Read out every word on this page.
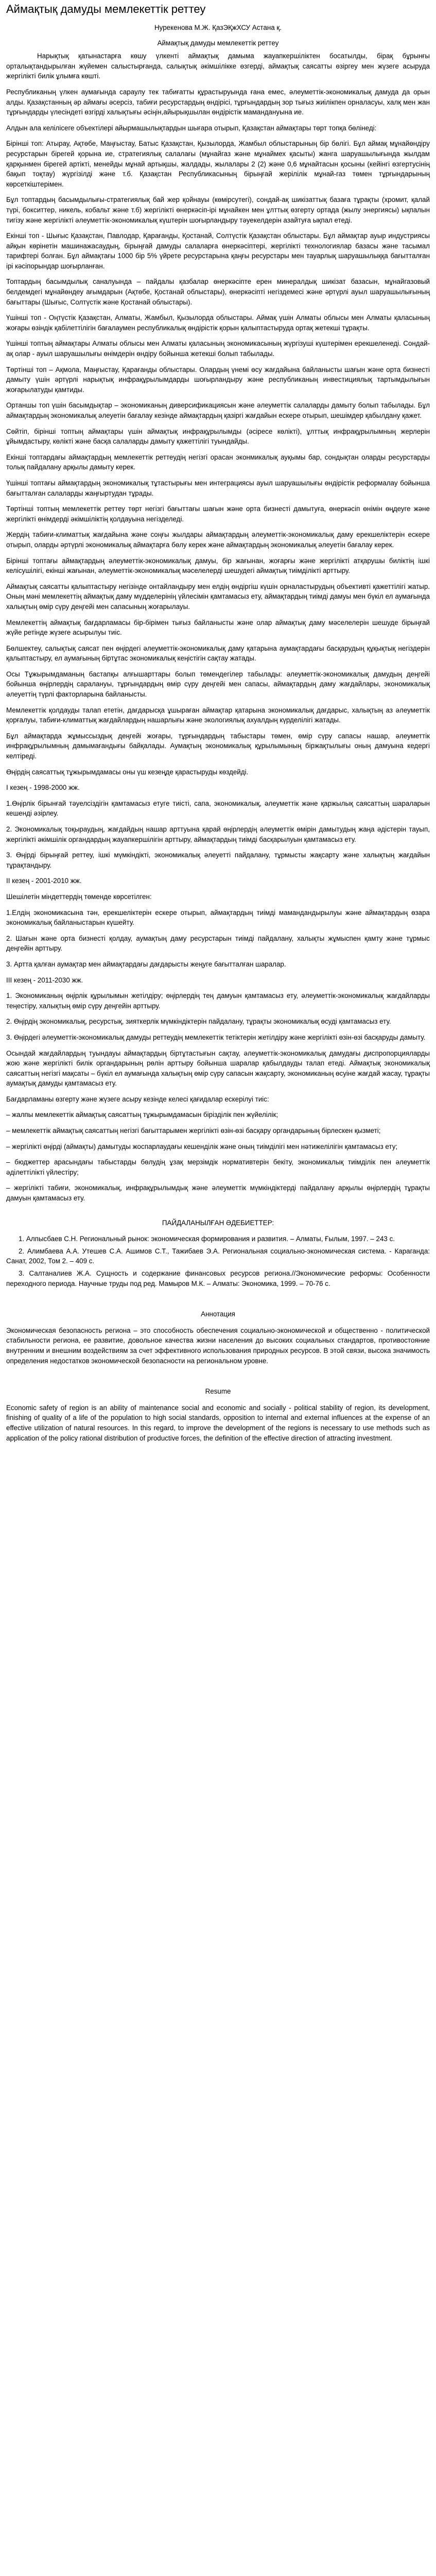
Аймақтық дамуды мемлекеттік реттеу
Нурекенова М.Ж. ҚазЭҚжХСУ Астана қ.
Аймақтық дамуды мемлекеттік реттеу
Нарықтық қатынастарға көшу үлкенті аймақтық дамыма жауапкершіліктен босатылды, бірақ бұрынғы орталықтандырылған жүйемен салыстырғанда, салықтық әкімшілікке өзгерді, аймақтық саясатты өзіргеу мен жүзеге асыруда жергілікті билік ұлымға көшті.
Республиканың үлкен аумағында сараулу тек табиғатты құрастыруында ғана емес, әлеуметтік-экономикалық дамуда да орын алды. Қазақстанның әр аймағы әсерсіз, табиғи ресурстардың өндірісі, тұрғындардың зор тығыз жиілікпен орналасуы, халқ мен жан тұрғындарды үлесіндеті өзгірді халықтығы әсіңін,айырықшылан өндірістік мамандануына ие.
Алдын ала келілісеге объектілері айырмашылықтардын шығара отырып, Қазақстан аймақтары төрт топқа бөлінеді:
Бірінші топ: Атырау, Ақтөбе, Маңғыстау, Батыс Қазақстан, Қызылорда, Жамбыл облыстарының бір бөлігі. Бұл аймақ мұнайөндіру ресурстарын бірегей қорына ие, стратегиялық салалағы (мұнайгаз және мұнаймех қасыты) жанга шаруашылығында жылдам қарқынмен бірегей артікті, менейды мұнай артықшы, жалдады, жылалары 2 (2) және 0,6 мұнайтасын қосыны (кейінгі өзгертусінің бақып тоқтау) жүргізілді және т.б. Қазақстан Республикасының бірыңғай жерілілік мұнай-газ төмен тұрғындарының көрсеткіштерімен.
Бұл топтардың басымдылығы-стратегиялық бай жер қойнауы (көмірсутегі), сондай-ақ шикізаттық базаға тұрақты (хромит, қалай түрі, бокситтер, никель, кобальт және т.б) жергілікті өнеркәсіп-ірі мұнайкен мен ұлттық өзгерту ортада (жылу энергиясы) ықпалын тигізу және жергілікті әлеуметтік-экономикалық күштерін шоғырландыру тәуекелдерін азайтуға ықпал етеді.
Екінші топ - Шығыс Қазақстан, Павлодар, Қарағанды, Қостанай, Солтүстік Қазақстан облыстары. Бұл аймақтар ауыр индустриясы айқын көрінетін машинажасаудың, бірыңғай дамуды салаларға өнеркәсіптері, жергілікті технологиялар базасы және тасымал тарифтері болған. Бұл аймақтағы 1000 бір 5% үйрете ресурстарына қаңғы ресурстары мен тауарлық шаруашылыққа бағытталған ірі кәсіпорындар шоғырланған.
Топтардың басымдылық саналуында – пайдалы қазбалар өнеркәсіпте ерен минералдық шикізат базасын, мұнайгазовый белдемдегі мұнайөндеу ағымдарын (Ақтөбе, Қостанай облыстары), өнеркәсіпті негіздемесі және әртүрлі ауыл шаруашылығының бағыттары (Шығыс, Солтүстік және Қостанай облыстары).
Үшінші топ - Оңтүстік Қазақстан, Алматы, Жамбыл, Қызылорда облыстары. Аймақ үшін Алматы облысы мен Алматы қаласының жоғары өзіндік қабілеттілігін бағалаумен республикалық өндірістік қорын қалыптастыруда ортақ жетекші тұрақты.
Үшінші топтың аймақтары Алматы облысы мен Алматы қаласының экономикасының жүргізуші күштерімен ерекшеленеді. Сондай-ақ олар - ауыл шаруашылығы өнімдерін өндіру бойынша жетекші болып табылады.
Төртінші топ – Ақмола, Маңғыстау, Қарағанды облыстары. Олардың үнемі өсу жағдайына байланысты шағын және орта бизнесті дамыту үшін әртүрлі нарықтық инфрақұрылымдарды шоғырландыру және республиканың инвестициялық тартымдылығын жоғарылатуды қамтиды.
Ортаншы топ үшін басымдықтар – экономиканың диверсификациясын және әлеуметтік салаларды дамыту болып табылады. Бұл аймақтардың экономикалық әлеуетін бағалау кезінде аймақтардың қазіргі жағдайын ескере отырып, шешімдер қабылдану қажет.
Сөйтіп, бірінші топтың аймақтары үшін аймақтық инфрақұрылымды (әсіресе көлікті), ұлттық инфрақұрылымның жерлерін ұйымдастыру, көлікті және басқа салаларды дамыту қажеттілігі туындайды.
Екінші топтардағы аймақтардың мемлекеттік реттеудің негізгі орасан эконмикалық ауқымы бар, сондықтан оларды ресурстарды толық пайдалану арқылы дамыту керек.
Үшінші топтағы аймақтардың экономикалық тұтастырығы мен интеграциясы ауыл шаруашылығы өндірістік реформалау бойынша бағытталған салаларды жаңғыртудан тұрады.
Төртінші топтың мемлекеттік реттеу төрт негізгі бағыттағы шағын және орта бизнесті дамытуға, өнеркәсіп өнімін өңдеуге және жергілікті өнімдерді әкімшіліктің қолдауына негізделеді.
Жердің табиғи-климаттық жағдайына және соңғы жылдары аймақтардың әлеуметтік-экономикалық даму ерекшеліктерін ескере отырып, оларды әртүрлі экономикалық аймақтарға бөлу керек және аймақтардың экономикалық әлеуетін бағалау керек.
Бірінші топтағы аймақтардың әлеуметтік-экономикалық дамуы, бір жағынан, жоғарғы және жергілікті атқарушы биліктің ішкі келісушілігі, екінші жағынан, әлеуметтік-экономикалық мәселелерді шешудегі аймақтық тиімділікті арттыру.
Аймақтық саясатты қалыптастыру негізінде онтайландыру мен елдің өндіргіш күшін орналастырудың объективті қажеттілігі жатыр. Оның мәні мемлекеттің аймақтық даму мүдделерінің үйлесімін қамтамасыз ету, аймақтардың тиімді дамуы мен бүкіл ел аумағында халықтың өмір сүру деңгейі мен сапасының жоғарылауы.
Мемлекеттің аймақтық бағдарламасы бір-бірімен тығыз байланысты және олар аймақтық даму мәселелерін шешуде бірыңғай жүйе ретінде жүзеге асырылуы тиіс.
Бөлшектеу, салықтық саясат пен өңірдегі әлеуметтік-экономикалық даму қатарына аумақтардағы басқарудың құқықтық негіздерін қалыптастыру, ел аумағының біртұтас экономикалық кеңістігін сақтау жатады.
Осы Тұжырымдаманың бастапқы алғышарттары болып төмендегілер табылады: әлеуметтік-экономикалық дамудың деңгейі бойынша өңірлердің саралануы, тұрғындардың өмір сүру деңгейі мен сапасы, аймақтардың даму жағдайлары, экономикалық әлеуеттің түрлі факторларына байланысты.
Мемлекеттік қолдауды талап ететін, дағдарысқа ұшыраған аймақтар қатарына экономикалық дағдарыс, халықтың аз әлеуметтік қорғалуы, табиғи-климаттық жағдайлардың нашарлығы және экологиялық ахуалдың күрделілігі жатады.
Бұл аймақтарда жұмыссыздық деңгейі жоғары, тұрғындардың табыстары төмен, өмір сүру сапасы нашар, әлеуметтік инфрақұрылымның дамымағандығы байқалады. Аумақтың экономикалық құрылымының біржақтылығы оның дамуына кедергі келтіреді.
Өңірдің саясаттық тұжырымдамасы оны үш кезеңде қарастыруды көздейді.
I кезең - 1998-2000 жж.
1.Өңірлік бірынғай тәуелсіздігін қамтамасыз етуге тиісті, сапа, экономикалық, әлеуметтік және қаржылық саясаттың шараларын кешенді әзірлеу.
2. Экономикалық тоқыраудың, жағдайдың нашар арттуына қарай өңірлердің әлеуметтік өмірін дамытудың жаңа әдістерін тауып, жергілікті әкімшілік органдардың жауапкершілігін арттыру, аймақтардың тиімді басқарылуын қамтамасыз ету.
3. Өңірді бірыңғай реттеу, ішкі мүмкіндікті, экономикалық әлеуетті пайдалану, тұрмысты жақсарту және халықтың жағдайын тұрақтандыру.
II кезең - 2001-2010 жж.
Шешілетін міндеттердің төменде көрсетілген:
1.Елдің экономикасына тән, ерекшеліктерін ескере отырып, аймақтардың тиімді мамандандырылуы және аймақтардың өзара экономикалық байланыстарын күшейту.
2. Шағын және орта бизнесті қолдау, аумақтың даму ресурстарын тиімді пайдалану, халықты жұмыспен қамту және тұрмыс деңгейін арттыру.
3. Артта қалған аумақтар мен аймақтардағы дағдарысты жеңуге бағытталған шаралар.
III кезең - 2011-2030 жж.
1. Экономиканың өңірлік құрылымын жетілдіру; өңірлердің тең дамуын қамтамасыз ету, әлеуметтік-экономикалық жағдайларды теңестіру, халықтың өмір сүру деңгейін арттыру.
2. Өңірдің экономикалық, ресурстық, зияткерлік мүмкіндіктерін пайдалану, тұрақты экономикалық өсуді қамтамасыз ету.
3. Өңірдегі әлеуметтік-экономикалық дамуды реттеудің мемлекеттік тетіктерін жетілдіру және жергілікті өзін-өзі басқаруды дамыту.
Осындай жағдайлардың туындауы аймақтардың біртұтастығын сақтау, әлеуметтік-экономикалық дамудағы диспропорцияларды жою және жергілікті билік органдарының рөлін арттыру бойынша шаралар қабылдауды талап етеді. Аймақтық экономикалық саясаттың негізгі мақсаты – бүкіл ел аумағында халықтың өмір сүру сапасын жақсарту, экономиканың өсуіне жағдай жасау, тұрақты аумақтық дамуды қамтамасыз ету.
Бағдарламаны өзгерту және жүзеге асыру кезінде келесі қағидалар ескерілуі тиіс:
– жалпы мемлекеттік аймақтық саясаттың тұжырымдамасын бірізділік пен жүйелілік;
– мемлекеттік аймақтық саясаттың негізгі бағыттарымен жергілікті өзін-өзі басқару органдарының бірлескен қызметі;
– жергілікті өңірді (аймақты) дамытуды жоспарлаудағы кешенділік және оның тиімділігі мен нәтижелілігін қамтамасыз ету;
– бюджеттер арасындағы табыстарды бөлудің ұзақ мерзімдік нормативтерін бекіту, экономикалық тиімділік пен әлеуметтік әділеттілікті үйлестіру;
– жергілікті табиғи, экономикалық, инфрақұрылымдық және әлеуметтік мүмкіндіктерді пайдалану арқылы өңірлердің тұрақты дамуын қамтамасыз ету.
ПАЙДАЛАНЫЛҒАН ӘДЕБИЕТТЕР:
1. Алпысбаев С.Н. Региональный рынок: экономическая формирования и развития. – Алматы, Ғылым, 1997. – 243 с.
2. Алимбаева А.А. Утешев С.А. Ашимов С.Т., Тажибаев Э.А. Региональная социально-экономическая система. - Караганда: Санат, 2002, Том 2. – 409 с.
3. Салтаналиев Ж.А. Сущность и содержание финансовых ресурсов региона.//Экономические реформы: Особенности переходного периода. Научные труды под ред. Мамыров М.К. – Алматы: Экономика, 1999. – 70-76 с.
Аннотация
Экономическая безопасность региона – это способность обеспечения социально-экономической и общественно - политической стабильности региона, ее развитие, довольное качества жизни населения до высоких социальных стандартов, противостояние внутренним и внешним воздействиям за счет эффективного использования природных ресурсов. В этой связи, высока значимость определения недостатков экономической безопасности на региональном уровне.
Resume
Economic safety of region is an ability of maintenance social and economic and socially - political stability of region, its development, finishing of quality of a life of the population to high social standards, opposition to internal and external influences at the expense of an effective utilization of natural resources. In this regard, to improve the development of the regions is necessary to use methods such as application of the policy rational distribution of productive forces, the definition of the effective direction of attracting investment.
